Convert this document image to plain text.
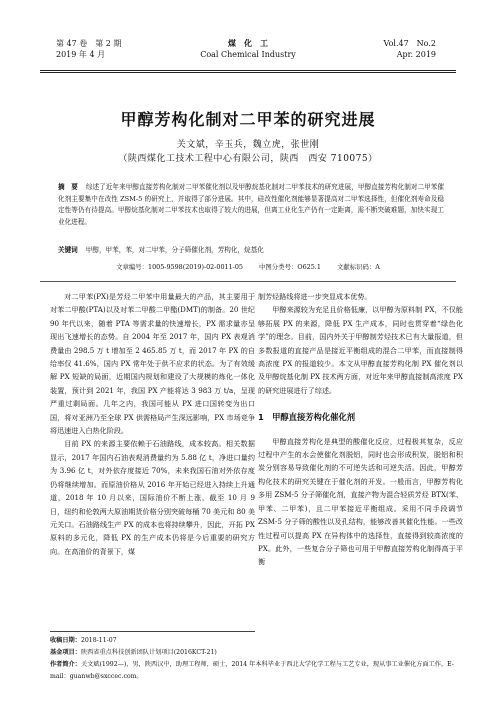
第 47 卷　第 2 期
2019 年 4 月
煤　化　工
Coal Chemical Industry
Vol.47　No.2
Apr. 2019
甲醇芳构化制对二甲苯的研究进展
关文斌，辛玉兵，魏立虎，张世刚
（陕西煤化工技术工程中心有限公司，陕西　西安 710075）
摘　要 综述了近年来甲醇直接芳构化制对二甲苯催化剂以及甲醇烷基化制对二甲苯技术的研究进展，甲醇直接芳构化制对二甲苯催化剂主要集中在改性 ZSM-5 的研究上，并取得了部分进展。其中，硅改性催化剂能够显著提高对二甲苯选择性，但催化剂寿命及稳定性等仍有待提高。甲醇烷基化制对二甲苯技术也取得了较大的进展，但离工业化生产仍有一定距离，需不断突破难题，加快实现工业化进程。
关键词 甲醇，甲苯，苯，对二甲苯，分子筛催化剂，芳构化，烷基化
文章编号：1005-9598(2019)-02-0011-05	中图分类号：O625.1	文献标识码：A

对二甲苯(PX)是芳烃二甲苯中用量最大的产品，其主要用于对苯二甲酸(PTA)以及对苯二甲酸二甲酯(DMT)的制备。20 世纪 90 年代以来，随着 PTA 等需求量的快速增长，PX 需求量亦呈现出飞速增长的态势。自 2004 年至 2017 年，国内 PX 表观消费量由 298.5 万 t 增加至 2 465.85 万 t，而 2017 年 PX 的自给率仅 41.6%，国内 PX 常年处于供不应求的状态。为了有效缓解 PX 短缺的局面，近期国内规划和建设了大规模的炼化一体化装置，预计到 2021 年，我国 PX 产能将达 3 983 万 t/a，呈现严重过剩局面。几年之内，我国可能从 PX 进口国转变为出口国，将对亚洲乃至全球 PX 供需格局产生深远影响，PX 市场竞争将迅速进入白热化阶段。

目前 PX 的来源主要依赖于石油路线，成本较高。相关数据显示，2017 年国内石油表观消费量约为 5.88 亿 t，净进口量约为 3.96 亿 t，对外依存度接近 70%，未来我国石油对外依存度仍将继续增加。而原油价格从 2016 年开始已经进入持续上升通道，2018 年 10 月以来，国际油价不断上涨，截至 10 月 9 日，纽约和伦敦两大原油期货价格分别突破每桶 70 美元和 80 美元关口。石油路线生产 PX 的成本也将持续攀升，因此，开拓 PX 原料的多元化，降低 PX 的生产成本仍将是今后重要的研究方向。在高油价的背景下，煤

制芳烃路线将进一步突显成本优势。

甲醇来源较为充足且价格低廉，以甲醇为原料制 PX，不仅能够拓展 PX 的来源，降低 PX 生产成本，同时也贯穿着“绿色化学”的理念。目前，国内外关于甲醇制芳烃技术已有大量报道，但多数报道的直接产品是接近平衡组成的混合二甲苯，而直接制得高浓度 PX 的报道较少。本文从甲醇直接芳构化制 PX 催化剂以及甲醇烷基化制 PX 技术两方面，对近年来甲醇直接制高浓度 PX 的研究进展进行了综述。

1　甲醇直接芳构化催化剂

甲醇直接芳构化是典型的酸催化反应，过程极其复杂，反应过程中产生的水会使催化剂脱铝，同时也会形成积炭，脱铝和积炭分别容易导致催化剂的不可逆失活和可逆失活。因此，甲醇芳构化技术的研究关键在于催化剂的开发。一般而言，甲醇芳构化多用 ZSM-5 分子筛催化剂，直接产物为混合轻质芳烃 BTX(苯、甲苯、二甲苯)，且二甲苯接近平衡组成。采用不同手段调节 ZSM-5 分子筛的酸性以及孔结构，能够改善其催化性能。一些改性过程可以提高 PX 在异构体中的选择性，直接得到较高浓度的 PX。此外，一些复合分子筛也可用于甲醇直接芳构化制得高于平衡

收稿日期：2018-11-07
基金项目：陕西省重点科技创新团队计划项目(2016KCT-21)
作者简介：关文斌(1992—)，男，陕西汉中，助理工程师，硕士，2014 年本科毕业于西北大学化学工程与工艺专业，现从事工业催化方面工作，E-mail：guanwb@sxccec.com。
